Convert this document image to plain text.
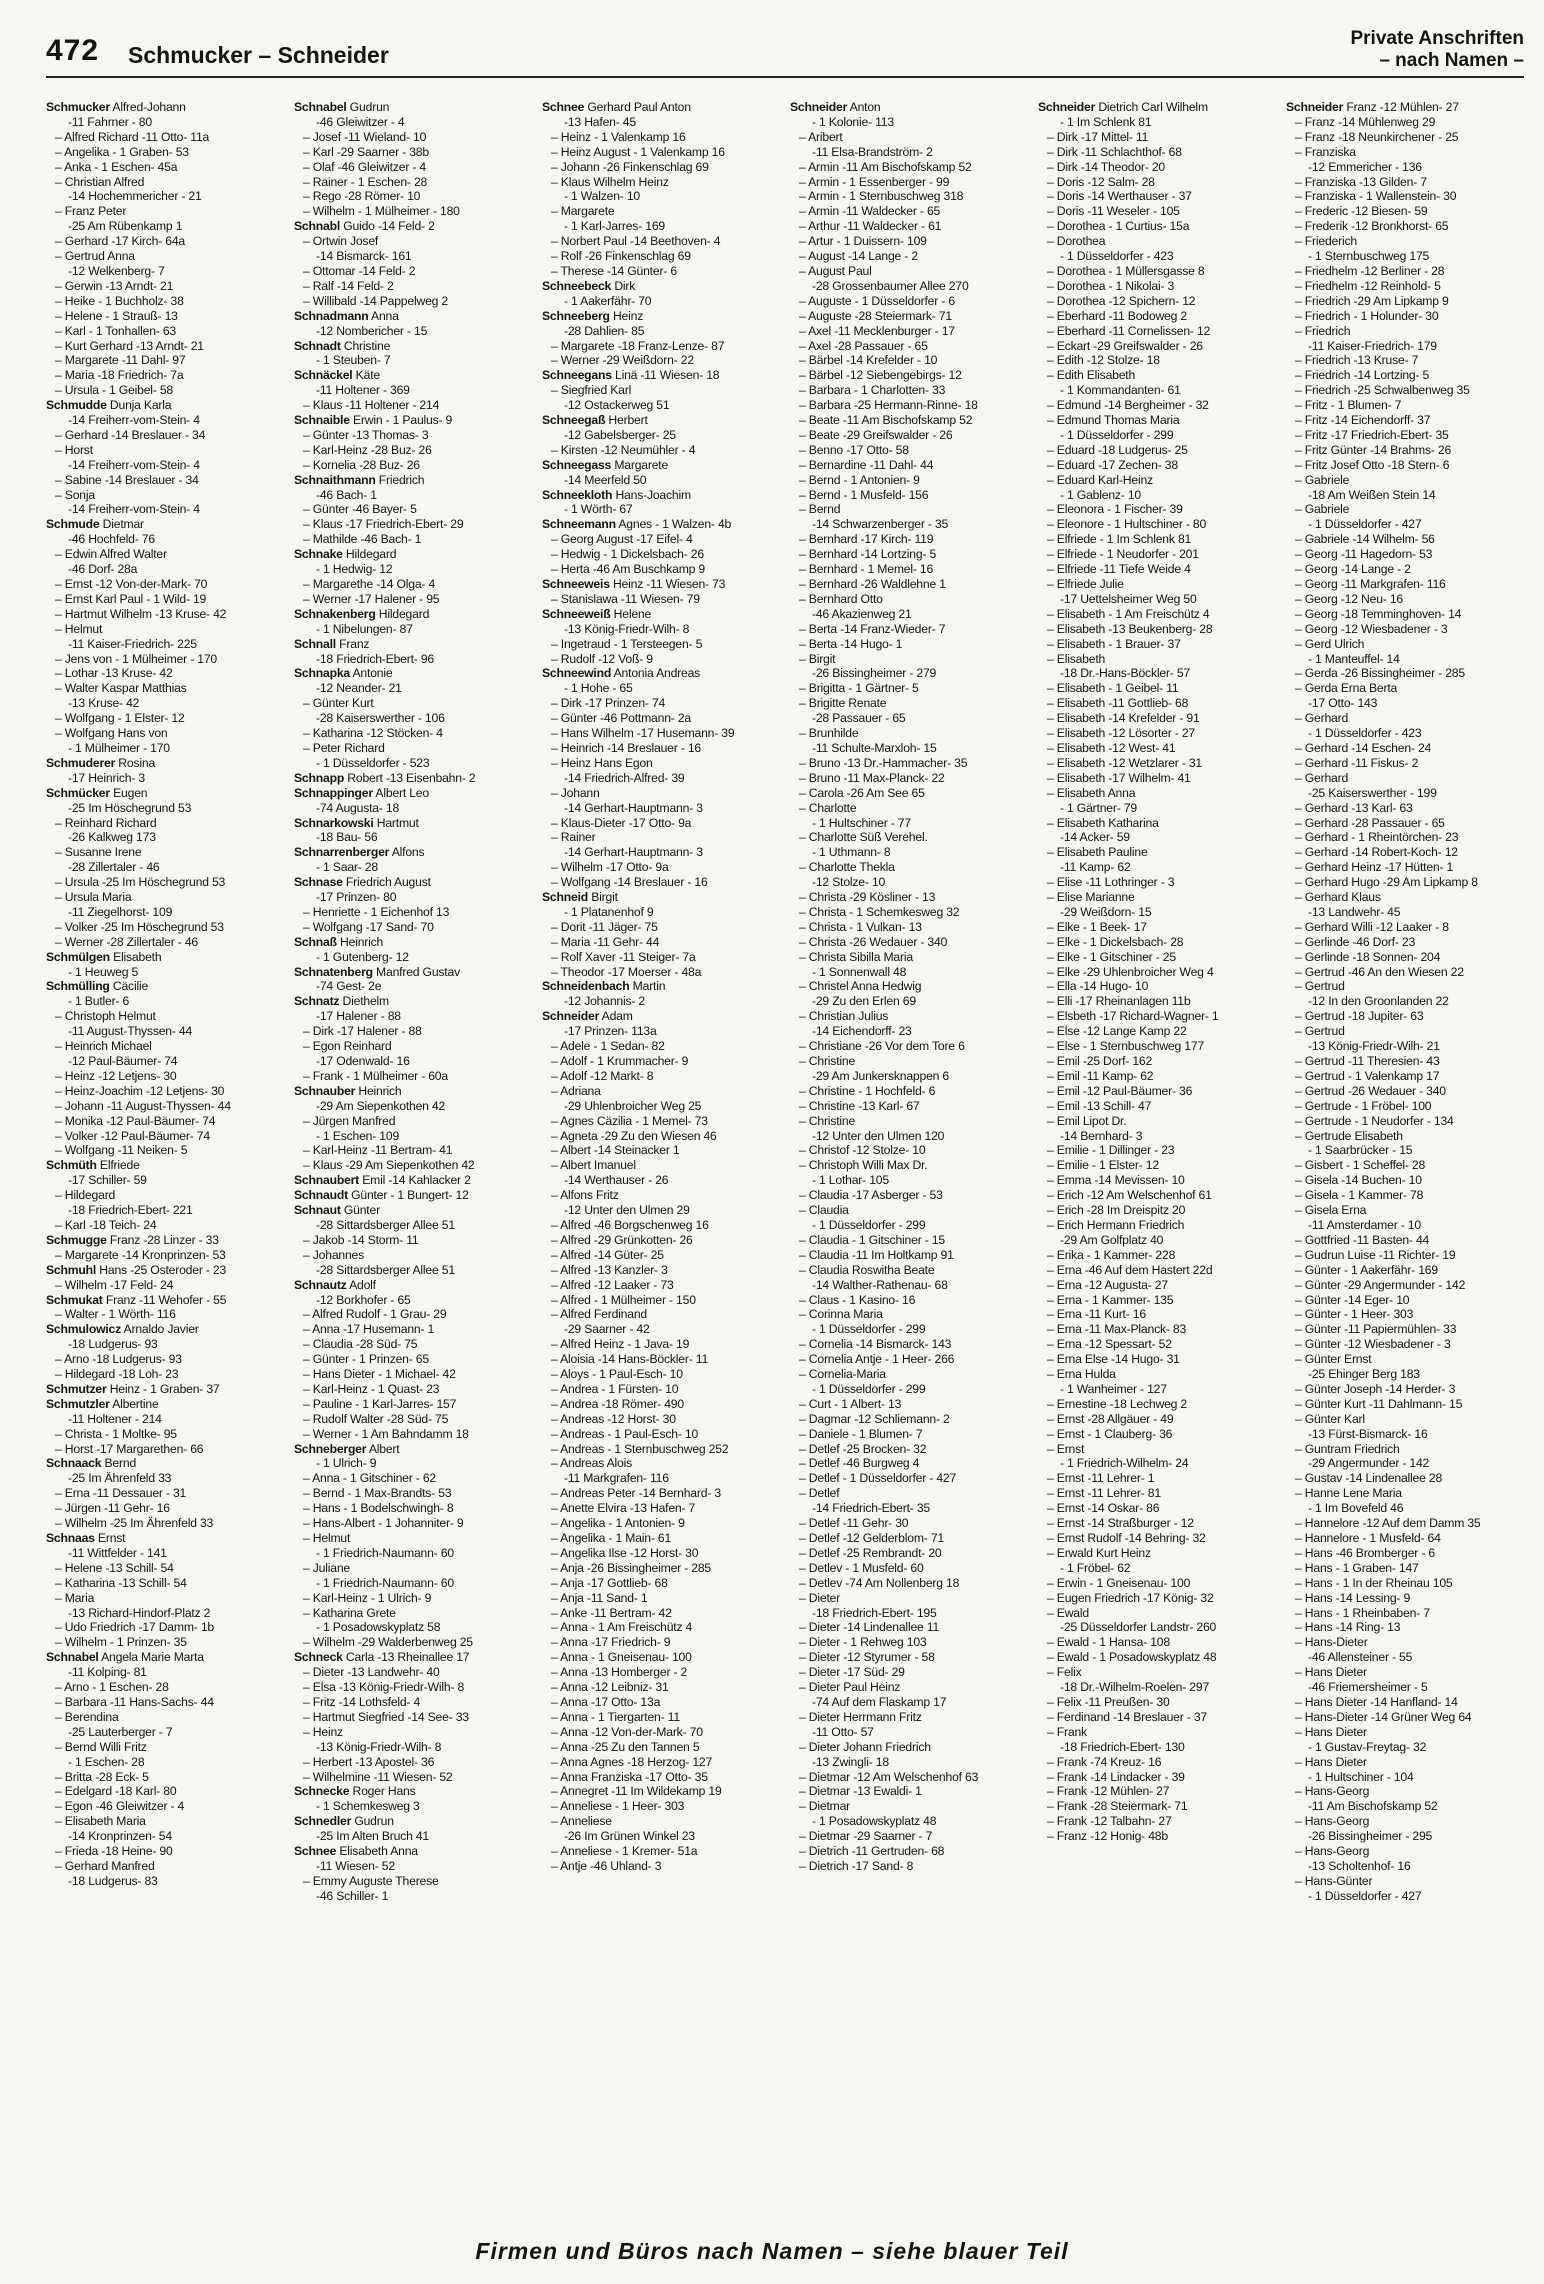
472 Schmucker – Schneider
Private Anschriften
– nach Namen –
Schmucker Alfred-Johann
-11 Fahrner - 80
– Alfred Richard -11 Otto- 11a
– Angelika - 1 Graben- 53
– Anka - 1 Eschen- 45a
– Christian Alfred
-14 Hochemmericher - 21
– Franz Peter
-25 Am Rübenkamp 1
– Gerhard -17 Kirch- 64a
– Gertrud Anna
-12 Welkenberg- 7
– Gerwin -13 Arndt- 21
– Heike - 1 Buchholz- 38
– Helene - 1 Strauß- 13
– Karl - 1 Tonhallen- 63
– Kurt Gerhard -13 Arndt- 21
– Margarete -11 Dahl- 97
– Maria -18 Friedrich- 7a
– Ursula - 1 Geibel- 58
Schmudde Dunja Karla
-14 Freiherr-vom-Stein- 4
– Gerhard -14 Breslauer - 34
– Horst
-14 Freiherr-vom-Stein- 4
– Sabine -14 Breslauer - 34
– Sonja
-14 Freiherr-vom-Stein- 4
Schmude Dietmar
-46 Hochfeld- 76
– Edwin Alfred Walter
-46 Dorf- 28a
– Ernst -12 Von-der-Mark- 70
– Ernst Karl Paul - 1 Wild- 19
– Hartmut Wilhelm -13 Kruse- 42
– Helmut
-11 Kaiser-Friedrich- 225
– Jens von - 1 Mülheimer - 170
– Lothar -13 Kruse- 42
– Walter Kaspar Matthias
-13 Kruse- 42
– Wolfgang - 1 Elster- 12
– Wolfgang Hans von
- 1 Mülheimer - 170
Schmuderer Rosina
-17 Heinrich- 3
Schmücker Eugen
-25 Im Höschegrund 53
– Reinhard Richard
-26 Kalkweg 173
– Susanne Irene
-28 Zillertaler - 46
– Ursula -25 Im Höschegrund 53
– Ursula Maria
-11 Ziegelhorst- 109
– Volker -25 Im Höschegrund 53
– Werner -28 Zillertaler - 46
Schmülgen Elisabeth
- 1 Heuweg 5
Schmülling Cäcilie
- 1 Butler- 6
– Christoph Helmut
-11 August-Thyssen- 44
– Heinrich Michael
-12 Paul-Bäumer- 74
– Heinz -12 Letjens- 30
– Heinz-Joachim -12 Letjens- 30
– Johann -11 August-Thyssen- 44
– Monika -12 Paul-Bäumer- 74
– Volker -12 Paul-Bäumer- 74
– Wolfgang -11 Neiken- 5
Schmüth Elfriede
-17 Schiller- 59
– Hildegard
-18 Friedrich-Ebert- 221
– Karl -18 Teich- 24
Schmugge Franz -28 Linzer - 33
– Margarete -14 Kronprinzen- 53
Schmuhl Hans -25 Osteroder - 23
– Wilhelm -17 Feld- 24
Schmukat Franz -11 Wehofer - 55
– Walter - 1 Wörth- 116
Schmulowicz Arnaldo Javier
-18 Ludgerus- 93
– Arno -18 Ludgerus- 93
– Hildegard -18 Loh- 23
Schmutzer Heinz - 1 Graben- 37
Schmutzler Albertine
-11 Holtener - 214
– Christa - 1 Moltke- 95
– Horst -17 Margarethen- 66
Schnaack Bernd
-25 Im Ährenfeld 33
– Erna -11 Dessauer - 31
– Jürgen -11 Gehr- 16
– Wilhelm -25 Im Ährenfeld 33
Schnaas Ernst
-11 Wittfelder - 141
– Helene -13 Schill- 54
– Katharina -13 Schill- 54
– Maria
-13 Richard-Hindorf-Platz 2
– Udo Friedrich -17 Damm- 1b
– Wilhelm - 1 Prinzen- 35
Schnabel Angela Marie Marta
-11 Kolping- 81
– Arno - 1 Eschen- 28
– Barbara -11 Hans-Sachs- 44
– Berendina
-25 Lauterberger - 7
– Bernd Willi Fritz
- 1 Eschen- 28
– Britta -28 Eck- 5
– Edelgard -18 Karl- 80
– Egon -46 Gleiwitzer - 4
– Elisabeth Maria
-14 Kronprinzen- 54
– Frieda -18 Heine- 90
– Gerhard Manfred
-18 Ludgerus- 83
Schnabel Gudrun
-46 Gleiwitzer - 4
– Josef -11 Wieland- 10
– Karl -29 Saarner - 38b
– Olaf -46 Gleiwitzer - 4
– Rainer - 1 Eschen- 28
– Rego -28 Römer- 10
– Wilhelm - 1 Mülheimer - 180
Schnabl Guido -14 Feld- 2
– Ortwin Josef
-14 Bismarck- 161
– Ottomar -14 Feld- 2
– Ralf -14 Feld- 2
– Willibald -14 Pappelweg 2
Schnadmann Anna
-12 Nombericher - 15
Schnadt Christine
- 1 Steuben- 7
Schnäckel Käte
-11 Holtener - 369
– Klaus -11 Holtener - 214
Schnaible Erwin - 1 Paulus- 9
– Günter -13 Thomas- 3
– Karl-Heinz -28 Buz- 26
– Kornelia -28 Buz- 26
Schnaithmann Friedrich
-46 Bach- 1
– Günter -46 Bayer- 5
– Klaus -17 Friedrich-Ebert- 29
– Mathilde -46 Bach- 1
Schnake Hildegard
- 1 Hedwig- 12
– Margarethe -14 Olga- 4
– Werner -17 Halener - 95
Schnakenberg Hildegard
- 1 Nibelungen- 87
Schnall Franz
-18 Friedrich-Ebert- 96
Schnapka Antonie
-12 Neander- 21
– Günter Kurt
-28 Kaiserswerther - 106
– Katharina -12 Stöcken- 4
– Peter Richard
- 1 Düsseldorfer - 523
Schnapp Robert -13 Eisenbahn- 2
Schnappinger Albert Leo
-74 Augusta- 18
Schnarkowski Hartmut
-18 Bau- 56
Schnarrenberger Alfons
- 1 Saar- 28
Schnase Friedrich August
-17 Prinzen- 80
– Henriette - 1 Eichenhof 13
– Wolfgang -17 Sand- 70
Schnaß Heinrich
- 1 Gutenberg- 12
Schnatenberg Manfred Gustav
-74 Gest- 2e
Schnatz Diethelm
-17 Halener - 88
– Dirk -17 Halener - 88
– Egon Reinhard
-17 Odenwald- 16
– Frank - 1 Mülheimer - 60a
Schnauber Heinrich
-29 Am Siepenkothen 42
– Jürgen Manfred
- 1 Eschen- 109
– Karl-Heinz -11 Bertram- 41
– Klaus -29 Am Siepenkothen 42
Schnaubert Emil -14 Kahlacker 2
Schnaudt Günter - 1 Bungert- 12
Schnaut Günter
-28 Sittardsberger Allee 51
– Jakob -14 Storm- 11
– Johannes
-28 Sittardsberger Allee 51
Schnautz Adolf
-12 Borkhofer - 65
– Alfred Rudolf - 1 Grau- 29
– Anna -17 Husemann- 1
– Claudia -28 Süd- 75
– Günter - 1 Prinzen- 65
– Hans Dieter - 1 Michael- 42
– Karl-Heinz - 1 Quast- 23
– Pauline - 1 Karl-Jarres- 157
– Rudolf Walter -28 Süd- 75
– Werner - 1 Am Bahndamm 18
Schneberger Albert
- 1 Ulrich- 9
– Anna - 1 Gitschiner - 62
– Bernd - 1 Max-Brandts- 53
– Hans - 1 Bodelschwingh- 8
– Hans-Albert - 1 Johanniter- 9
– Helmut
- 1 Friedrich-Naumann- 60
– Juliane
- 1 Friedrich-Naumann- 60
– Karl-Heinz - 1 Ulrich- 9
– Katharina Grete
- 1 Posadowskyplatz 58
– Wilhelm -29 Walderbenweg 25
Schneck Carla -13 Rheinallee 17
– Dieter -13 Landwehr- 40
– Elsa -13 König-Friedr-Wilh- 8
– Fritz -14 Lothsfeld- 4
– Hartmut Siegfried -14 See- 33
– Heinz
-13 König-Friedr-Wilh- 8
– Herbert -13 Apostel- 36
– Wilhelmine -11 Wiesen- 52
Schnecke Roger Hans
- 1 Schemkesweg 3
Schnedler Gudrun
-25 Im Alten Bruch 41
Schnee Elisabeth Anna
-11 Wiesen- 52
– Emmy Auguste Therese
-46 Schiller- 1
Schnee Gerhard Paul Anton
-13 Hafen- 45
– Heinz - 1 Valenkamp 16
– Heinz August - 1 Valenkamp 16
– Johann -26 Finkenschlag 69
– Klaus Wilhelm Heinz
- 1 Walzen- 10
– Margarete
- 1 Karl-Jarres- 169
– Norbert Paul -14 Beethoven- 4
– Rolf -26 Finkenschlag 69
– Therese -14 Günter- 6
Schneebeck Dirk
- 1 Aakerfähr- 70
Schneeberg Heinz
-28 Dahlien- 85
– Margarete -18 Franz-Lenze- 87
– Werner -29 Weißdorn- 22
Schneegans Linä -11 Wiesen- 18
– Siegfried Karl
-12 Ostackerweg 51
Schneegaß Herbert
-12 Gabelsberger- 25
– Kirsten -12 Neumühler - 4
Schneegass Margarete
-14 Meerfeld 50
Schneekloth Hans-Joachim
- 1 Wörth- 67
Schneemann Agnes - 1 Walzen- 4b
– Georg August -17 Eifel- 4
– Hedwig - 1 Dickelsbach- 26
– Herta -46 Am Buschkamp 9
Schneeweis Heinz -11 Wiesen- 73
– Stanislawa -11 Wiesen- 79
Schneeweiß Helene
-13 König-Friedr-Wilh- 8
– Ingetraud - 1 Tersteegen- 5
– Rudolf -12 Voß- 9
Schneewind Antonia Andreas
- 1 Hohe - 65
– Dirk -17 Prinzen- 74
– Günter -46 Pottmann- 2a
– Hans Wilhelm -17 Husemann- 39
– Heinrich -14 Breslauer - 16
– Heinz Hans Egon
-14 Friedrich-Alfred- 39
– Johann
-14 Gerhart-Hauptmann- 3
– Klaus-Dieter -17 Otto- 9a
– Rainer
-14 Gerhart-Hauptmann- 3
– Wilhelm -17 Otto- 9a
– Wolfgang -14 Breslauer - 16
Schneid Birgit
- 1 Platanenhof 9
– Dorit -11 Jäger- 75
– Maria -11 Gehr- 44
– Rolf Xaver -11 Steiger- 7a
– Theodor -17 Moerser - 48a
Schneidenbach Martin
-12 Johannis- 2
Schneider Adam
-17 Prinzen- 113a
– Adele - 1 Sedan- 82
– Adolf - 1 Krummacher- 9
– Adolf -12 Markt- 8
– Adriana
-29 Uhlenbroicher Weg 25
– Agnes Cäzilia - 1 Memel- 73
– Agneta -29 Zu den Wiesen 46
– Albert -14 Steinacker 1
– Albert Imanuel
-14 Werthauser - 26
– Alfons Fritz
-12 Unter den Ulmen 29
– Alfred -46 Borgschenweg 16
– Alfred -29 Grünkotten- 26
– Alfred -14 Güter- 25
– Alfred -13 Kanzler- 3
– Alfred -12 Laaker - 73
– Alfred - 1 Mülheimer - 150
– Alfred Ferdinand
-29 Saarner - 42
– Alfred Heinz - 1 Java- 19
– Aloisia -14 Hans-Böckler- 11
– Aloys - 1 Paul-Esch- 10
– Andrea - 1 Fürsten- 10
– Andrea -18 Römer- 490
– Andreas -12 Horst- 30
– Andreas - 1 Paul-Esch- 10
– Andreas - 1 Sternbuschweg 252
– Andreas Alois
-11 Markgrafen- 116
– Andreas Peter -14 Bernhard- 3
– Anette Elvira -13 Hafen- 7
– Angelika - 1 Antonien- 9
– Angelika - 1 Main- 61
– Angelika Ilse -12 Horst- 30
– Anja -26 Bissingheimer - 285
– Anja -17 Gottlieb- 68
– Anja -11 Sand- 1
– Anke -11 Bertram- 42
– Anna - 1 Am Freischütz 4
– Anna -17 Friedrich- 9
– Anna - 1 Gneisenau- 100
– Anna -13 Homberger - 2
– Anna -12 Leibniz- 31
– Anna -17 Otto- 13a
– Anna - 1 Tiergarten- 11
– Anna -12 Von-der-Mark- 70
– Anna -25 Zu den Tannen 5
– Anna Agnes -18 Herzog- 127
– Anna Franziska -17 Otto- 35
– Annegret -11 Im Wildekamp 19
– Anneliese - 1 Heer- 303
– Anneliese
-26 Im Grünen Winkel 23
– Anneliese - 1 Kremer- 51a
– Antje -46 Uhland- 3
Schneider Anton
- 1 Kolonie- 113
– Aribert
-11 Elsa-Brandström- 2
– Armin -11 Am Bischofskamp 52
– Armin - 1 Essenberger - 99
– Armin - 1 Sternbuschweg 318
– Armin -11 Waldecker - 65
– Arthur -11 Waldecker - 61
– Artur - 1 Duissern- 109
– August -14 Lange - 2
– August Paul
-28 Grossenbaumer Allee 270
– Auguste - 1 Düsseldorfer - 6
– Auguste -28 Steiermark- 71
– Axel -11 Mecklenburger - 17
– Axel -28 Passauer - 65
– Bärbel -14 Krefelder - 10
– Bärbel -12 Siebengebirgs- 12
– Barbara - 1 Charlotten- 33
– Barbara -25 Hermann-Rinne- 18
– Beate -11 Am Bischofskamp 52
– Beate -29 Greifswalder - 26
– Benno -17 Otto- 58
– Bernardine -11 Dahl- 44
– Bernd - 1 Antonien- 9
– Bernd - 1 Musfeld- 156
– Bernd
-14 Schwarzenberger - 35
– Bernhard -17 Kirch- 119
– Bernhard -14 Lortzing- 5
– Bernhard - 1 Memel- 16
– Bernhard -26 Waldlehne 1
– Bernhard Otto
-46 Akazienweg 21
– Berta -14 Franz-Wieder- 7
– Berta -14 Hugo- 1
– Birgit
-26 Bissingheimer - 279
– Brigitta - 1 Gärtner- 5
– Brigitte Renate
-28 Passauer - 65
– Brunhilde
-11 Schulte-Marxloh- 15
– Bruno -13 Dr.-Hammacher- 35
– Bruno -11 Max-Planck- 22
– Carola -26 Am See 65
– Charlotte
- 1 Hultschiner - 77
– Charlotte Süß Verehel.
- 1 Uthmann- 8
– Charlotte Thekla
-12 Stolze- 10
– Christa -29 Kösliner - 13
– Christa - 1 Schemkesweg 32
– Christa - 1 Vulkan- 13
– Christa -26 Wedauer - 340
– Christa Sibilla Maria
- 1 Sonnenwall 48
– Christel Anna Hedwig
-29 Zu den Erlen 69
– Christian Julius
-14 Eichendorff- 23
– Christiane -26 Vor dem Tore 6
– Christine
-29 Am Junkersknappen 6
– Christine - 1 Hochfeld- 6
– Christine -13 Karl- 67
– Christine
-12 Unter den Ulmen 120
– Christof -12 Stolze- 10
– Christoph Willi Max Dr.
- 1 Lothar- 105
– Claudia -17 Asberger - 53
– Claudia
- 1 Düsseldorfer - 299
– Claudia - 1 Gitschiner - 15
– Claudia -11 Im Holtkamp 91
– Claudia Roswitha Beate
-14 Walther-Rathenau- 68
– Claus - 1 Kasino- 16
– Corinna Maria
- 1 Düsseldorfer - 299
– Cornelia -14 Bismarck- 143
– Cornelia Antje - 1 Heer- 266
– Cornelia-Maria
- 1 Düsseldorfer - 299
– Curt - 1 Albert- 13
– Dagmar -12 Schliemann- 2
– Daniele - 1 Blumen- 7
– Detlef -25 Brocken- 32
– Detlef -46 Burgweg 4
– Detlef - 1 Düsseldorfer - 427
– Detlef
-14 Friedrich-Ebert- 35
– Detlef -11 Gehr- 30
– Detlef -12 Gelderblom- 71
– Detlef -25 Rembrandt- 20
– Detlev - 1 Musfeld- 60
– Detlev -74 Am Nollenberg 18
– Dieter
-18 Friedrich-Ebert- 195
– Dieter -14 Lindenallee 11
– Dieter - 1 Rehweg 103
– Dieter -12 Styrumer - 58
– Dieter -17 Süd- 29
– Dieter Paul Heinz
-74 Auf dem Flaskamp 17
– Dieter Herrmann Fritz
-11 Otto- 57
– Dieter Johann Friedrich
-13 Zwingli- 18
– Dietmar -12 Am Welschenhof 63
– Dietmar -13 Ewaldi- 1
– Dietmar
- 1 Posadowskyplatz 48
– Dietmar -29 Saarner - 7
– Dietrich -11 Gertruden- 68
– Dietrich -17 Sand- 8
Schneider Dietrich Carl Wilhelm
- 1 Im Schlenk 81
– Dirk -17 Mittel- 11
– Dirk -11 Schlachthof- 68
– Dirk -14 Theodor- 20
– Doris -12 Salm- 28
– Doris -14 Werthauser - 37
– Doris -11 Weseler - 105
– Dorothea - 1 Curtius- 15a
– Dorothea
- 1 Düsseldorfer - 423
– Dorothea - 1 Müllersgasse 8
– Dorothea - 1 Nikolai- 3
– Dorothea -12 Spichern- 12
– Eberhard -11 Bodoweg 2
– Eberhard -11 Cornelissen- 12
– Eckart -29 Greifswalder - 26
– Edith -12 Stolze- 18
– Edith Elisabeth
- 1 Kommandanten- 61
– Edmund -14 Bergheimer - 32
– Edmund Thomas Maria
- 1 Düsseldorfer - 299
– Eduard -18 Ludgerus- 25
– Eduard -17 Zechen- 38
– Eduard Karl-Heinz
- 1 Gablenz- 10
– Eleonora - 1 Fischer- 39
– Eleonore - 1 Hultschiner - 80
– Elfriede - 1 Im Schlenk 81
– Elfriede - 1 Neudorfer - 201
– Elfriede -11 Tiefe Weide 4
– Elfriede Julie
-17 Uettelsheimer Weg 50
– Elisabeth - 1 Am Freischütz 4
– Elisabeth -13 Beukenberg- 28
– Elisabeth - 1 Brauer- 37
– Elisabeth
-18 Dr.-Hans-Böckler- 57
– Elisabeth - 1 Geibel- 11
– Elisabeth -11 Gottlieb- 68
– Elisabeth -14 Krefelder - 91
– Elisabeth -12 Lösorter - 27
– Elisabeth -12 West- 41
– Elisabeth -12 Wetzlarer - 31
– Elisabeth -17 Wilhelm- 41
– Elisabeth Anna
- 1 Gärtner- 79
– Elisabeth Katharina
-14 Acker- 59
– Elisabeth Pauline
-11 Kamp- 62
– Elise -11 Lothringer - 3
– Elise Marianne
-29 Weißdorn- 15
– Elke - 1 Beek- 17
– Elke - 1 Dickelsbach- 28
– Elke - 1 Gitschiner - 25
– Elke -29 Uhlenbroicher Weg 4
– Ella -14 Hugo- 10
– Elli -17 Rheinanlagen 11b
– Elsbeth -17 Richard-Wagner- 1
– Else -12 Lange Kamp 22
– Else - 1 Sternbuschweg 177
– Emil -25 Dorf- 162
– Emil -11 Kamp- 62
– Emil -12 Paul-Bäumer- 36
– Emil -13 Schill- 47
– Emil Lipot Dr.
-14 Bernhard- 3
– Emilie - 1 Dillinger - 23
– Emilie - 1 Elster- 12
– Emma -14 Mevissen- 10
– Erich -12 Am Welschenhof 61
– Erich -28 Im Dreispitz 20
– Erich Hermann Friedrich
-29 Am Golfplatz 40
– Erika - 1 Kammer- 228
– Erna -46 Auf dem Hastert 22d
– Erna -12 Augusta- 27
– Erna - 1 Kammer- 135
– Erna -11 Kurt- 16
– Erna -11 Max-Planck- 83
– Erna -12 Spessart- 52
– Erna Else -14 Hugo- 31
– Erna Hulda
- 1 Wanheimer - 127
– Ernestine -18 Lechweg 2
– Ernst -28 Allgäuer - 49
– Ernst - 1 Clauberg- 36
– Ernst
- 1 Friedrich-Wilhelm- 24
– Ernst -11 Lehrer- 1
– Ernst -11 Lehrer- 81
– Ernst -14 Oskar- 86
– Ernst -14 Straßburger - 12
– Ernst Rudolf -14 Behring- 32
– Erwald Kurt Heinz
- 1 Fröbel- 62
– Erwin - 1 Gneisenau- 100
– Eugen Friedrich -17 König- 32
– Ewald
-25 Düsseldorfer Landstr- 260
– Ewald - 1 Hansa- 108
– Ewald - 1 Posadowskyplatz 48
– Felix
-18 Dr.-Wilhelm-Roelen- 297
– Felix -11 Preußen- 30
– Ferdinand -14 Breslauer - 37
– Frank
-18 Friedrich-Ebert- 130
– Frank -74 Kreuz- 16
– Frank -14 Lindacker - 39
– Frank -12 Mühlen- 27
– Frank -28 Steiermark- 71
– Frank -12 Talbahn- 27
– Franz -12 Honig- 48b
Schneider Franz -12 Mühlen- 27
– Franz -14 Mühlenweg 29
– Franz -18 Neunkirchener - 25
– Franziska
-12 Emmericher - 136
– Franziska -13 Gilden- 7
– Franziska - 1 Wallenstein- 30
– Frederic -12 Biesen- 59
– Frederik -12 Bronkhorst- 65
– Friederich
- 1 Sternbuschweg 175
– Friedhelm -12 Berliner - 28
– Friedhelm -12 Reinhold- 5
– Friedrich -29 Am Lipkamp 9
– Friedrich - 1 Holunder- 30
– Friedrich
-11 Kaiser-Friedrich- 179
– Friedrich -13 Kruse- 7
– Friedrich -14 Lortzing- 5
– Friedrich -25 Schwalbenweg 35
– Fritz - 1 Blumen- 7
– Fritz -14 Eichendorff- 37
– Fritz -17 Friedrich-Ebert- 35
– Fritz Günter -14 Brahms- 26
– Fritz Josef Otto -18 Stern- 6
– Gabriele
-18 Am Weißen Stein 14
– Gabriele
- 1 Düsseldorfer - 427
– Gabriele -14 Wilhelm- 56
– Georg -11 Hagedorn- 53
– Georg -14 Lange - 2
– Georg -11 Markgrafen- 116
– Georg -12 Neu- 16
– Georg -18 Temminghoven- 14
– Georg -12 Wiesbadener - 3
– Gerd Ulrich
- 1 Manteuffel- 14
– Gerda -26 Bissingheimer - 285
– Gerda Erna Berta
-17 Otto- 143
– Gerhard
- 1 Düsseldorfer - 423
– Gerhard -14 Eschen- 24
– Gerhard -11 Fiskus- 2
– Gerhard
-25 Kaiserswerther - 199
– Gerhard -13 Karl- 63
– Gerhard -28 Passauer - 65
– Gerhard - 1 Rheintörchen- 23
– Gerhard -14 Robert-Koch- 12
– Gerhard Heinz -17 Hütten- 1
– Gerhard Hugo -29 Am Lipkamp 8
– Gerhard Klaus
-13 Landwehr- 45
– Gerhard Willi -12 Laaker - 8
– Gerlinde -46 Dorf- 23
– Gerlinde -18 Sonnen- 204
– Gertrud -46 An den Wiesen 22
– Gertrud
-12 In den Groonlanden 22
– Gertrud -18 Jupiter- 63
– Gertrud
-13 König-Friedr-Wilh- 21
– Gertrud -11 Theresien- 43
– Gertrud - 1 Valenkamp 17
– Gertrud -26 Wedauer - 340
– Gertrude - 1 Fröbel- 100
– Gertrude - 1 Neudorfer - 134
– Gertrude Elisabeth
- 1 Saarbrücker - 15
– Gisbert - 1 Scheffel- 28
– Gisela -14 Buchen- 10
– Gisela - 1 Kammer- 78
– Gisela Erna
-11 Amsterdamer - 10
– Gottfried -11 Basten- 44
– Gudrun Luise -11 Richter- 19
– Günter - 1 Aakerfähr- 169
– Günter -29 Angermunder - 142
– Günter -14 Eger- 10
– Günter - 1 Heer- 303
– Günter -11 Papiermühlen- 33
– Günter -12 Wiesbadener - 3
– Günter Ernst
-25 Ehinger Berg 183
– Günter Joseph -14 Herder- 3
– Günter Kurt -11 Dahlmann- 15
– Günter Karl
-13 Fürst-Bismarck- 16
– Guntram Friedrich
-29 Angermunder - 142
– Gustav -14 Lindenallee 28
– Hanne Lene Maria
- 1 Im Bovefeld 46
– Hannelore -12 Auf dem Damm 35
– Hannelore - 1 Musfeld- 64
– Hans -46 Bromberger - 6
– Hans - 1 Graben- 147
– Hans - 1 In der Rheinau 105
– Hans -14 Lessing- 9
– Hans - 1 Rheinbaben- 7
– Hans -14 Ring- 13
– Hans-Dieter
-46 Allensteiner - 55
– Hans Dieter
-46 Friemersheimer - 5
– Hans Dieter -14 Hanfland- 14
– Hans-Dieter -14 Grüner Weg 64
– Hans Dieter
- 1 Gustav-Freytag- 32
– Hans Dieter
- 1 Hultschiner - 104
– Hans-Georg
-11 Am Bischofskamp 52
– Hans-Georg
-26 Bissingheimer - 295
– Hans-Georg
-13 Scholtenhof- 16
– Hans-Günter
- 1 Düsseldorfer - 427
Firmen und Büros nach Namen – siehe blauer Teil
